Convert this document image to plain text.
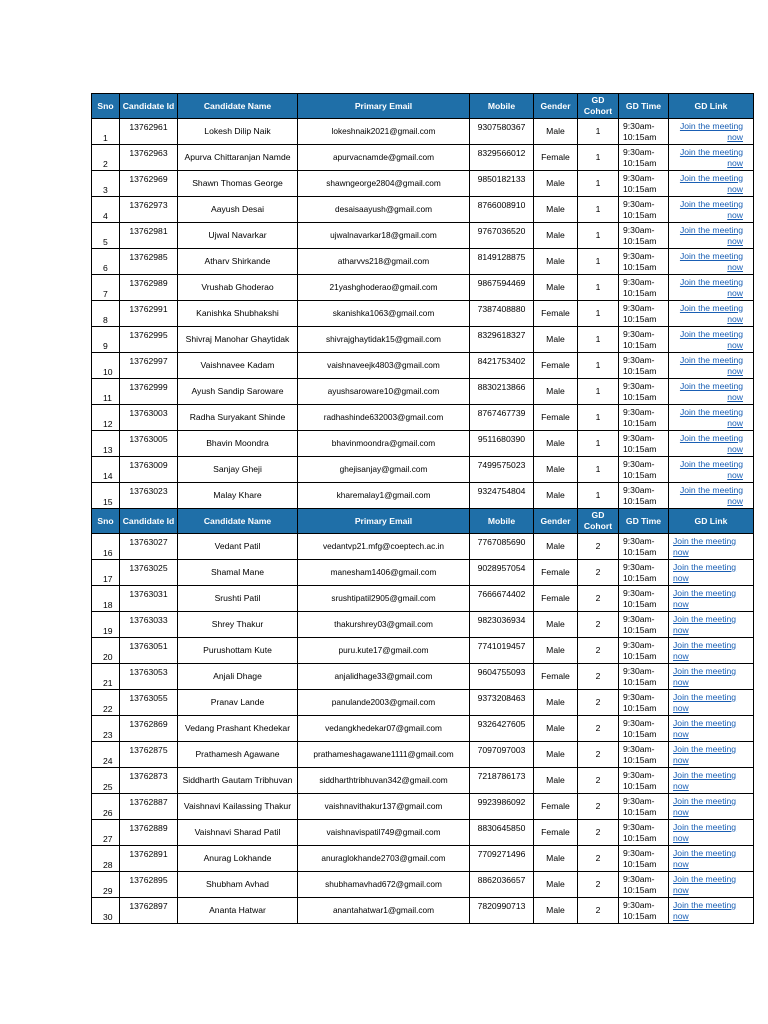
Sno	Candidate Id	Candidate Name	Primary Email	Mobile	Gender	GD Cohort	GD Time	GD Link
1	13762961	Lokesh Dilip Naik	lokeshnaik2021@gmail.com	9307580367	Male	1	9:30am-10:15am	Join the meeting now
2	13762963	Apurva Chittaranjan Namde	apurvacnamde@gmail.com	8329566012	Female	1	9:30am-10:15am	Join the meeting now
3	13762969	Shawn Thomas George	shawngeorge2804@gmail.com	9850182133	Male	1	9:30am-10:15am	Join the meeting now
4	13762973	Aayush Desai	desaisaayush@gmail.com	8766008910	Male	1	9:30am-10:15am	Join the meeting now
5	13762981	Ujwal Navarkar	ujwalnavarkar18@gmail.com	9767036520	Male	1	9:30am-10:15am	Join the meeting now
6	13762985	Atharv Shirkande	atharvvs218@gmail.com	8149128875	Male	1	9:30am-10:15am	Join the meeting now
7	13762989	Vrushab Ghoderao	21yashghoderao@gmail.com	9867594469	Male	1	9:30am-10:15am	Join the meeting now
8	13762991	Kanishka Shubhakshi	skanishka1063@gmail.com	7387408880	Female	1	9:30am-10:15am	Join the meeting now
9	13762995	Shivraj Manohar Ghaytidak	shivrajghaytidak15@gmail.com	8329618327	Male	1	9:30am-10:15am	Join the meeting now
10	13762997	Vaishnavee Kadam	vaishnaveejk4803@gmail.com	8421753402	Female	1	9:30am-10:15am	Join the meeting now
11	13762999	Ayush Sandip Saroware	ayushsaroware10@gmail.com	8830213866	Male	1	9:30am-10:15am	Join the meeting now
12	13763003	Radha Suryakant Shinde	radhashinde632003@gmail.com	8767467739	Female	1	9:30am-10:15am	Join the meeting now
13	13763005	Bhavin Moondra	bhavinmoondra@gmail.com	9511680390	Male	1	9:30am-10:15am	Join the meeting now
14	13763009	Sanjay Gheji	ghejisanjay@gmail.com	7499575023	Male	1	9:30am-10:15am	Join the meeting now
15	13763023	Malay Khare	kharemalay1@gmail.com	9324754804	Male	1	9:30am-10:15am	Join the meeting now
Sno	Candidate Id	Candidate Name	Primary Email	Mobile	Gender	GD Cohort	GD Time	GD Link
16	13763027	Vedant Patil	vedantvp21.mfg@coeptech.ac.in	7767085690	Male	2	9:30am-10:15am	Join the meeting now
17	13763025	Shamal Mane	manesham1406@gmail.com	9028957054	Female	2	9:30am-10:15am	Join the meeting now
18	13763031	Srushti Patil	srushtipatil2905@gmail.com	7666674402	Female	2	9:30am-10:15am	Join the meeting now
19	13763033	Shrey Thakur	thakurshrey03@gmail.com	9823036934	Male	2	9:30am-10:15am	Join the meeting now
20	13763051	Purushottam Kute	puru.kute17@gmail.com	7741019457	Male	2	9:30am-10:15am	Join the meeting now
21	13763053	Anjali Dhage	anjalidhage33@gmail.com	9604755093	Female	2	9:30am-10:15am	Join the meeting now
22	13763055	Pranav Lande	panulande2003@gmail.com	9373208463	Male	2	9:30am-10:15am	Join the meeting now
23	13762869	Vedang Prashant Khedekar	vedangkhedekar07@gmail.com	9326427605	Male	2	9:30am-10:15am	Join the meeting now
24	13762875	Prathamesh Agawane	prathameshagawane1111@gmail.com	7097097003	Male	2	9:30am-10:15am	Join the meeting now
25	13762873	Siddharth Gautam Tribhuvan	siddharthtribhuvan342@gmail.com	7218786173	Male	2	9:30am-10:15am	Join the meeting now
26	13762887	Vaishnavi Kailassing Thakur	vaishnavithakur137@gmail.com	9923986092	Female	2	9:30am-10:15am	Join the meeting now
27	13762889	Vaishnavi Sharad Patil	vaishnavispatil749@gmail.com	8830645850	Female	2	9:30am-10:15am	Join the meeting now
28	13762891	Anurag Lokhande	anuraglokhande2703@gmail.com	7709271496	Male	2	9:30am-10:15am	Join the meeting now
29	13762895	Shubham Avhad	shubhamavhad672@gmail.com	8862036657	Male	2	9:30am-10:15am	Join the meeting now
30	13762897	Ananta Hatwar	anantahatwar1@gmail.com	7820990713	Male	2	9:30am-10:15am	Join the meeting now
